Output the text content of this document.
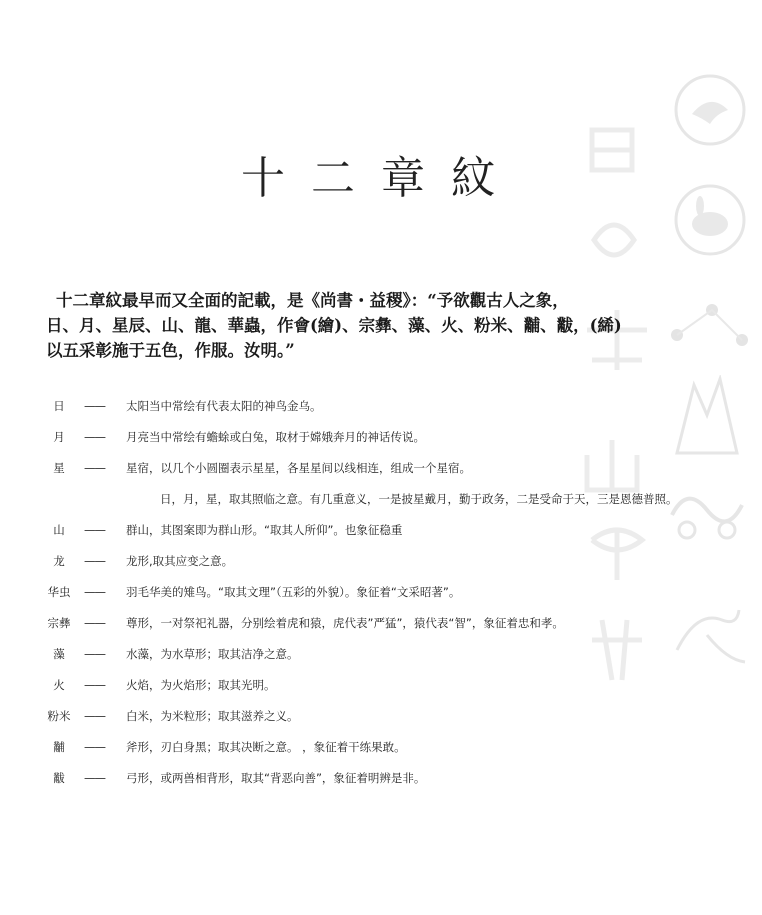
十二章紋

十二章紋最早而又全面的記載，是《尚書・益稷》：“予欲觀古人之象，

日、月、星辰、山、龍、華蟲，作會(繪)、宗彝、藻、火、粉米、黼、黻，(絺)

以五采彰施于五色，作服。汝明。”

日	——	太阳当中常绘有代表太阳的神鸟金乌。
月	——	月亮当中常绘有蟾蜍或白兔，取材于嫦娥奔月的神话传说。
星	——	星宿，以几个小圆圈表示星星，各星星间以线相连，组成一个星宿。
日，月，星，取其照临之意。有几重意义，一是披星戴月，勤于政务，二是受命于天，三是恩德普照。
山	——	群山，其图案即为群山形。“取其人所仰”。也象征稳重
龙	——	龙形,取其应变之意。
华虫	——	羽毛华美的雉鸟。“取其文理”（五彩的外貌）。象征着“文采昭著”。
宗彝	——	尊形，一对祭祀礼器，分别绘着虎和猿，虎代表”严猛”，猿代表“智”，象征着忠和孝。
藻	——	水藻，为水草形；取其洁净之意。
火	——	火焰，为火焰形；取其光明。
粉米	——	白米，为米粒形；取其滋养之义。
黼	——	斧形，刃白身黑；取其决断之意。 ，象征着干练果敢。
黻	——	弓形，或两兽相背形，取其“背恶向善”，象征着明辨是非。
